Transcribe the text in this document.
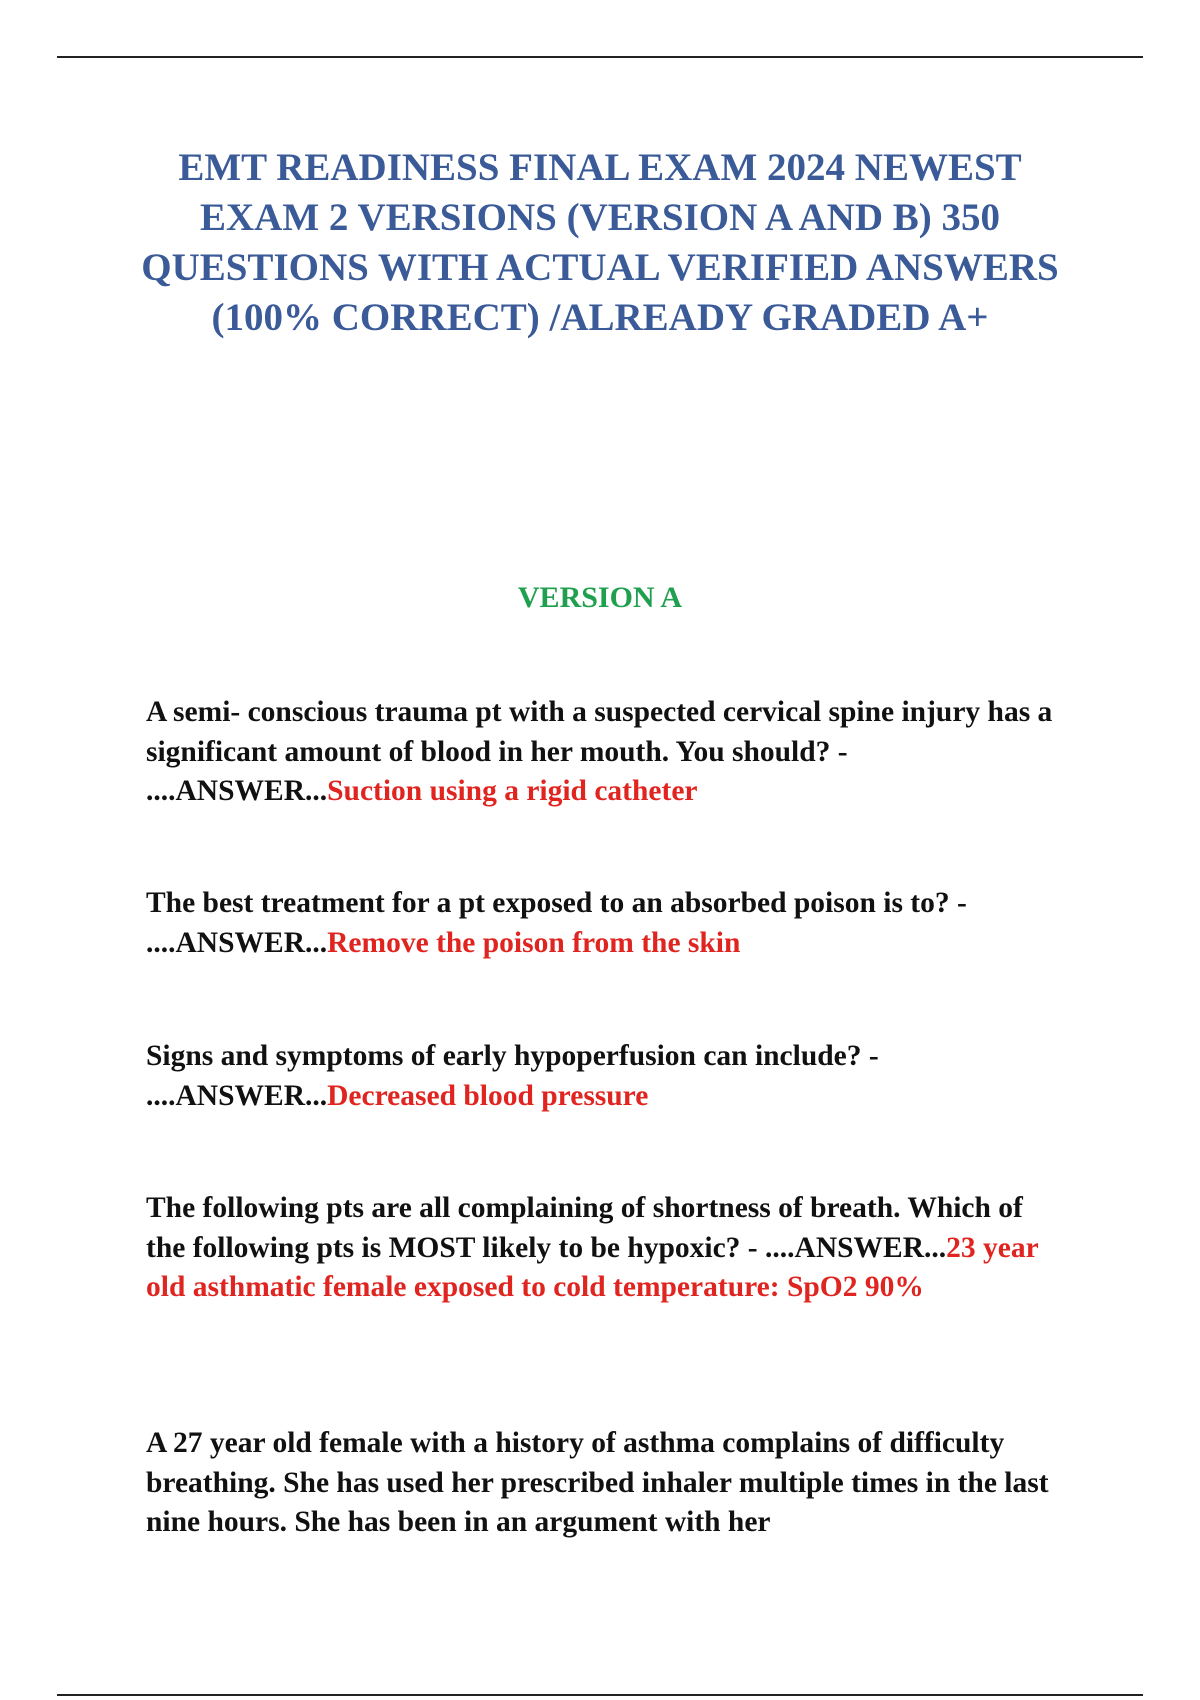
EMT READINESS FINAL EXAM 2024 NEWEST EXAM 2 VERSIONS (VERSION A AND B) 350 QUESTIONS WITH ACTUAL VERIFIED ANSWERS (100% CORRECT) /ALREADY GRADED A+
VERSION A

A semi- conscious trauma pt with a suspected cervical spine injury has a significant amount of blood in her mouth. You should? - ....ANSWER...Suction using a rigid catheter

The best treatment for a pt exposed to an absorbed poison is to? - ....ANSWER...Remove the poison from the skin

Signs and symptoms of early hypoperfusion can include? - ....ANSWER...Decreased blood pressure

The following pts are all complaining of shortness of breath. Which of the following pts is MOST likely to be hypoxic? - ....ANSWER...23 year old asthmatic female exposed to cold temperature: SpO2 90%

A 27 year old female with a history of asthma complains of difficulty breathing. She has used her prescribed inhaler multiple times in the last nine hours. She has been in an argument with her
